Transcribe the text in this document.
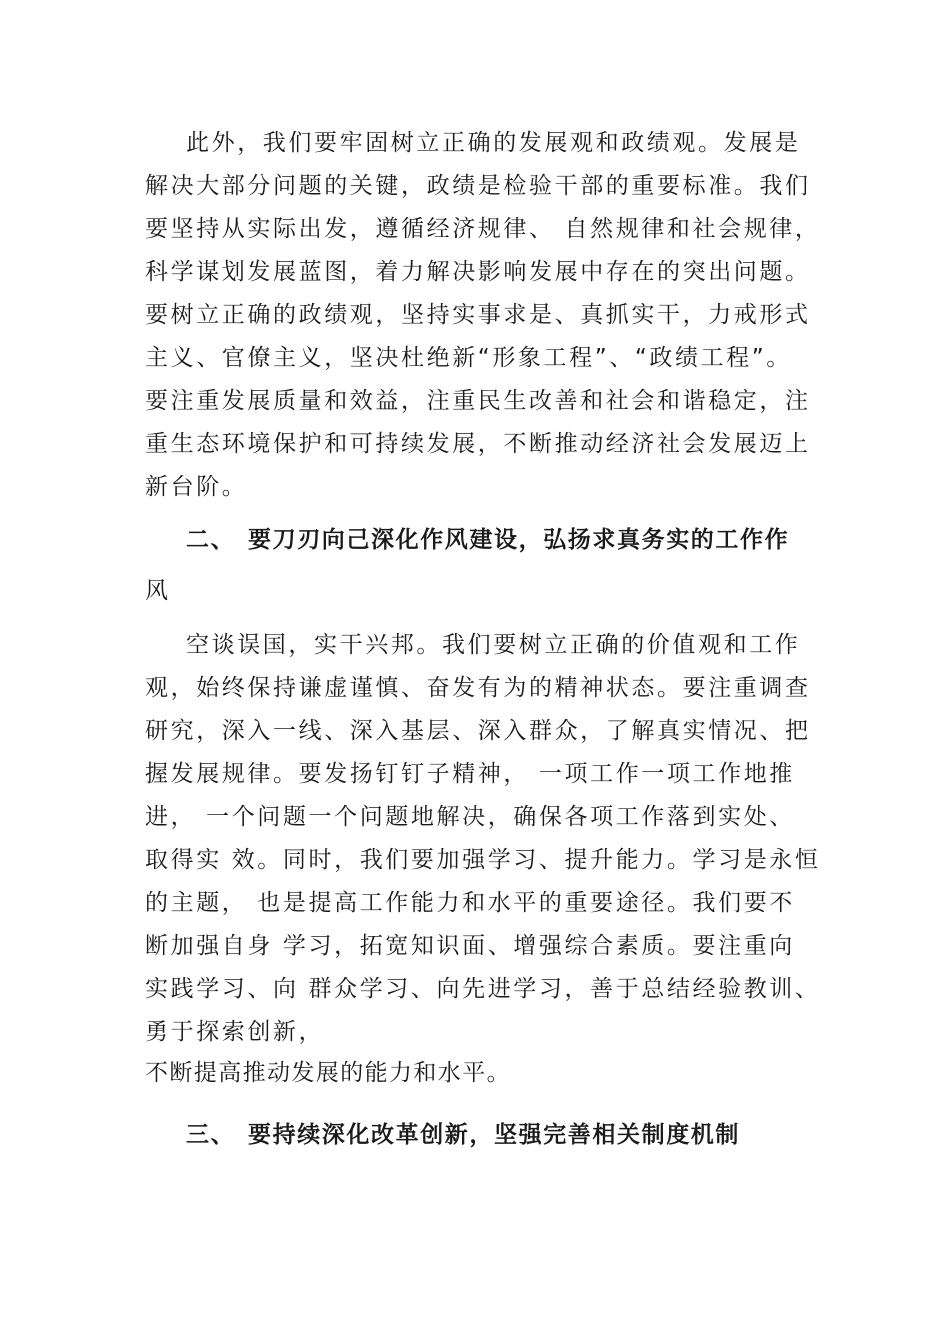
此外，我们要牢固树立正确的发展观和政绩观。发展是
解决大部分问题的关键，政绩是检验干部的重要标准。我们
要坚持从实际出发，遵循经济规律、 自然规律和社会规律，
科学谋划发展蓝图，着力解决影响发展中存在的突出问题。
要树立正确的政绩观，坚持实事求是、真抓实干，力戒形式
主义、官僚主义，坚决杜绝新“形象工程”、“政绩工程”。
要注重发展质量和效益，注重民生改善和社会和谐稳定，注
重生态环境保护和可持续发展，不断推动经济社会发展迈上
新台阶。
二、 要刀刃向己深化作风建设，弘扬求真务实的工作作
风
空谈误国，实干兴邦。我们要树立正确的价值观和工作
观，始终保持谦虚谨慎、奋发有为的精神状态。要注重调查
研究，深入一线、深入基层、深入群众，了解真实情况、把
握发展规律。要发扬钉钉子精神， 一项工作一项工作地推
进， 一个问题一个问题地解决，确保各项工作落到实处、
取得实 效。同时，我们要加强学习、提升能力。学习是永恒
的主题， 也是提高工作能力和水平的重要途径。我们要不
断加强自身 学习，拓宽知识面、增强综合素质。要注重向
实践学习、向 群众学习、向先进学习，善于总结经验教训、
勇于探索创新，
不断提高推动发展的能力和水平。
三、 要持续深化改革创新，坚强完善相关制度机制
